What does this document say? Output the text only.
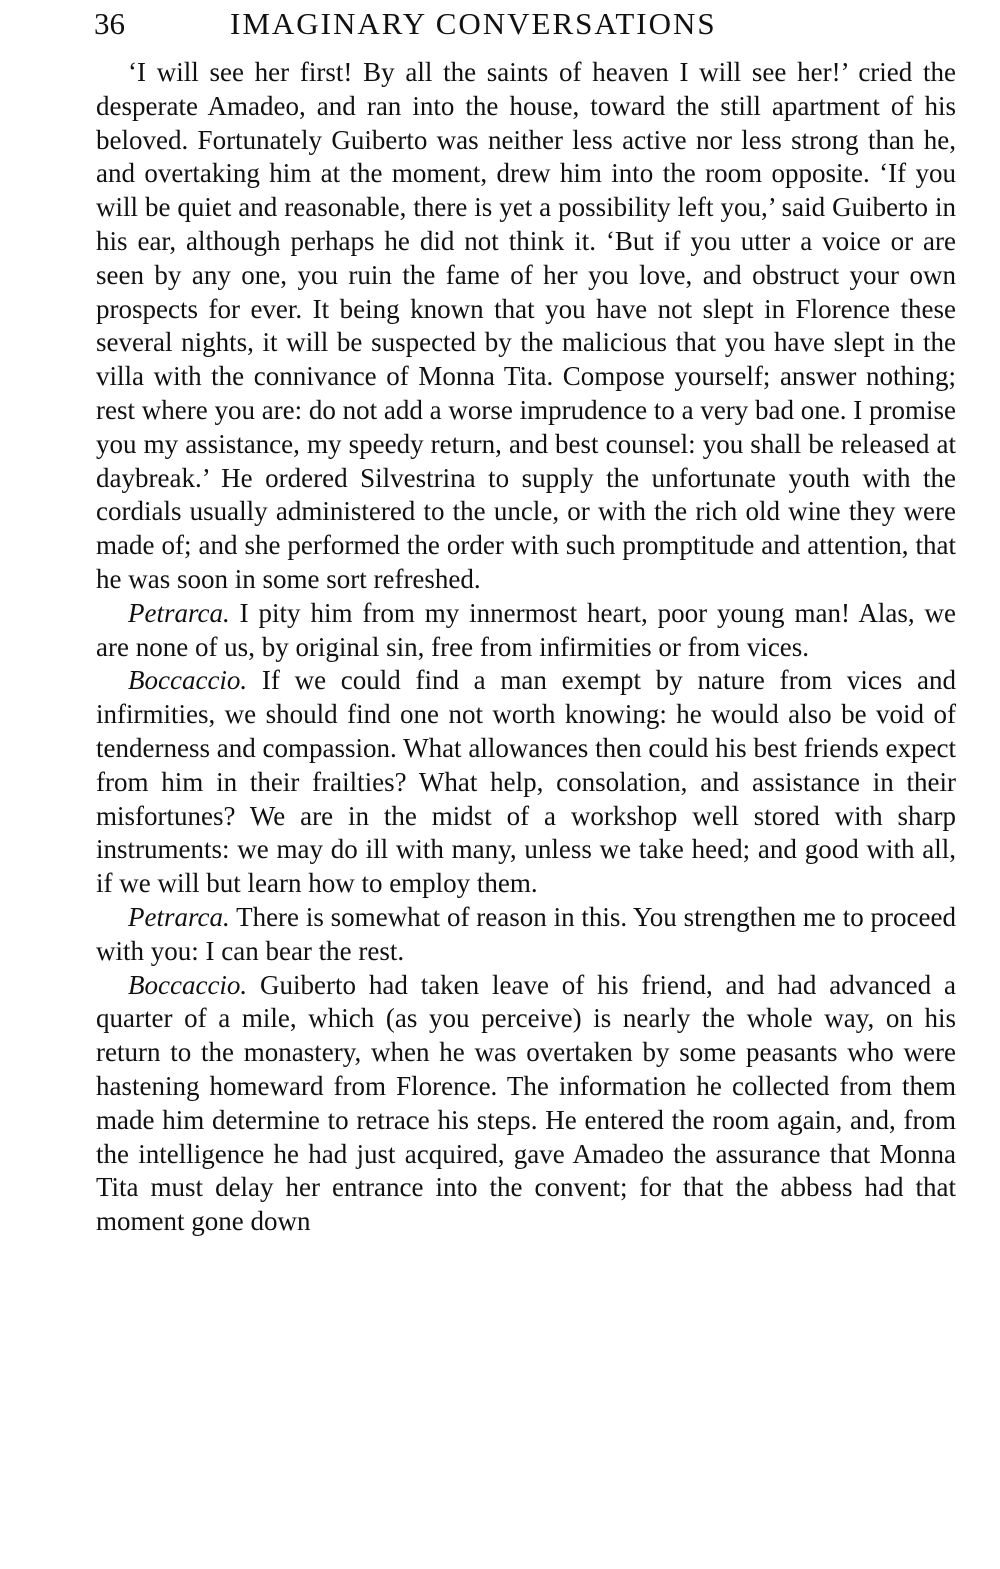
36	IMAGINARY CONVERSATIONS

‘I will see her first! By all the saints of heaven I will see her!’ cried the desperate Amadeo, and ran into the house, toward the still apartment of his beloved. Fortunately Guiberto was neither less active nor less strong than he, and overtaking him at the moment, drew him into the room opposite. ‘If you will be quiet and reasonable, there is yet a possibility left you,’ said Guiberto in his ear, although perhaps he did not think it. ‘But if you utter a voice or are seen by any one, you ruin the fame of her you love, and obstruct your own prospects for ever. It being known that you have not slept in Florence these several nights, it will be suspected by the malicious that you have slept in the villa with the connivance of Monna Tita. Compose yourself; answer nothing; rest where you are: do not add a worse imprudence to a very bad one. I promise you my assistance, my speedy return, and best counsel: you shall be released at daybreak.’ He ordered Silvestrina to supply the unfortunate youth with the cordials usually administered to the uncle, or with the rich old wine they were made of; and she performed the order with such promptitude and attention, that he was soon in some sort refreshed.

Petrarca. I pity him from my innermost heart, poor young man! Alas, we are none of us, by original sin, free from infirmities or from vices.

Boccaccio. If we could find a man exempt by nature from vices and infirmities, we should find one not worth knowing: he would also be void of tenderness and compassion. What allowances then could his best friends expect from him in their frailties? What help, consolation, and assistance in their misfortunes? We are in the midst of a workshop well stored with sharp instruments: we may do ill with many, unless we take heed; and good with all, if we will but learn how to employ them.

Petrarca. There is somewhat of reason in this. You strengthen me to proceed with you: I can bear the rest.

Boccaccio. Guiberto had taken leave of his friend, and had advanced a quarter of a mile, which (as you perceive) is nearly the whole way, on his return to the monastery, when he was overtaken by some peasants who were hastening homeward from Florence. The information he collected from them made him determine to retrace his steps. He entered the room again, and, from the intelligence he had just acquired, gave Amadeo the assurance that Monna Tita must delay her entrance into the convent; for that the abbess had that moment gone down
